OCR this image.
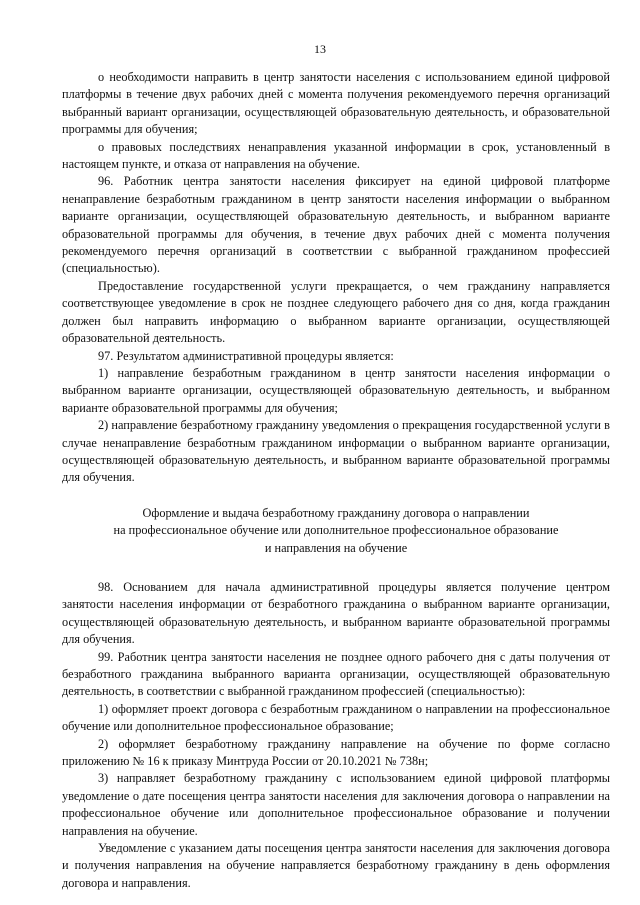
13

о необходимости направить в центр занятости населения с использованием единой цифровой платформы в течение двух рабочих дней с момента получения рекомендуемого перечня организаций выбранный вариант организации, осуществляющей образовательную деятельность, и образовательной программы для обучения;

о правовых последствиях ненаправления указанной информации в срок, установленный в настоящем пункте, и отказа от направления на обучение.

96. Работник центра занятости населения фиксирует на единой цифровой платформе ненаправление безработным гражданином в центр занятости населения информации о выбранном варианте организации, осуществляющей образовательную деятельность, и выбранном варианте образовательной программы для обучения, в течение двух рабочих дней с момента получения рекомендуемого перечня организаций в соответствии с выбранной гражданином профессией (специальностью).

Предоставление государственной услуги прекращается, о чем гражданину направляется соответствующее уведомление в срок не позднее следующего рабочего дня со дня, когда гражданин должен был направить информацию о выбранном варианте организации, осуществляющей образовательной деятельность.

97. Результатом административной процедуры является:

1) направление безработным гражданином в центр занятости населения информации о выбранном варианте организации, осуществляющей образовательную деятельность, и выбранном варианте образовательной программы для обучения;

2) направление безработному гражданину уведомления о прекращения государственной услуги в случае ненаправление безработным гражданином информации о выбранном варианте организации, осуществляющей образовательную деятельность, и выбранном варианте образовательной программы для обучения.

Оформление и выдача безработному гражданину договора о направлении
на профессиональное обучение или дополнительное профессиональное образование
и направления на обучение

98. Основанием для начала административной процедуры является получение центром занятости населения информации от безработного гражданина о выбранном варианте организации, осуществляющей образовательную деятельность, и выбранном варианте образовательной программы для обучения.

99. Работник центра занятости населения не позднее одного рабочего дня с даты получения от безработного гражданина выбранного варианта организации, осуществляющей образовательную деятельность, в соответствии с выбранной гражданином профессией (специальностью):

1) оформляет проект договора с безработным гражданином о направлении на профессиональное обучение или дополнительное профессиональное образование;

2) оформляет безработному гражданину направление на обучение по форме согласно приложению № 16 к приказу Минтруда России от 20.10.2021 № 738н;

3) направляет безработному гражданину с использованием единой цифровой платформы уведомление о дате посещения центра занятости населения для заключения договора о направлении на профессиональное обучение или дополнительное профессиональное образование и получении направления на обучение.

Уведомление с указанием даты посещения центра занятости населения для заключения договора и получения направления на обучение направляется безработному гражданину в день оформления договора и направления.
